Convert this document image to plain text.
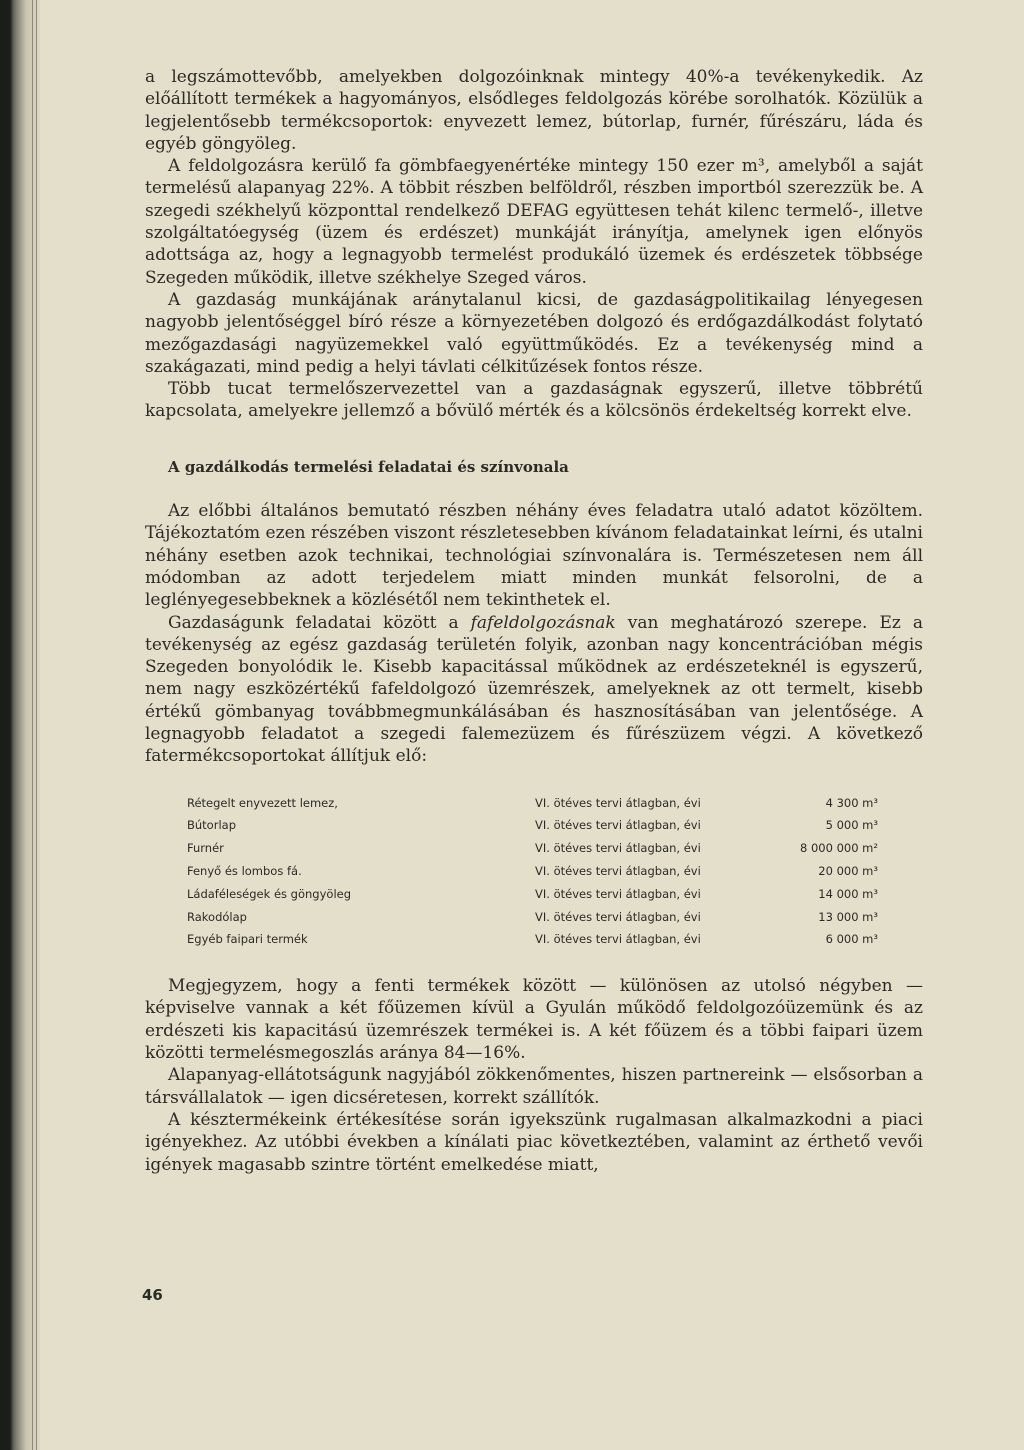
a legszámottevőbb, amelyekben dolgozóinknak mintegy 40%-a tevékenykedik. Az előállított termékek a hagyományos, elsődleges feldolgozás körébe sorolhatók. Közülük a legjelentősebb termékcsoportok: enyvezett lemez, bútorlap, furnér, fűrészáru, láda és egyéb göngyöleg.

A feldolgozásra kerülő fa gömbfaegyenértéke mintegy 150 ezer m³, amelyből a saját termelésű alapanyag 22%. A többit részben belföldről, részben importból szerezzük be. A szegedi székhelyű központtal rendelkező DEFAG együttesen tehát kilenc termelő-, illetve szolgáltatóegység (üzem és erdészet) munkáját irányítja, amelynek igen előnyös adottsága az, hogy a legnagyobb termelést produkáló üzemek és erdészetek többsége Szegeden működik, illetve székhelye Szeged város.

A gazdaság munkájának aránytalanul kicsi, de gazdaságpolitikailag lényegesen nagyobb jelentőséggel bíró része a környezetében dolgozó és erdőgazdálkodást folytató mezőgazdasági nagyüzemekkel való együttműködés. Ez a tevékenység mind a szakágazati, mind pedig a helyi távlati célkitűzések fontos része.

Több tucat termelőszervezettel van a gazdaságnak egyszerű, illetve többrétű kapcsolata, amelyekre jellemző a bővülő mérték és a kölcsönös érdekeltség korrekt elve.

A gazdálkodás termelési feladatai és színvonala

Az előbbi általános bemutató részben néhány éves feladatra utaló adatot közöltem. Tájékoztatóm ezen részében viszont részletesebben kívánom feladatainkat leírni, és utalni néhány esetben azok technikai, technológiai színvonalára is. Természetesen nem áll módomban az adott terjedelem miatt minden munkát felsorolni, de a leglényegesebbeknek a közlésétől nem tekinthetek el.

Gazdaságunk feladatai között a fafeldolgozásnak van meghatározó szerepe. Ez a tevékenység az egész gazdaság területén folyik, azonban nagy koncentrációban mégis Szegeden bonyolódik le. Kisebb kapacitással működnek az erdészeteknél is egyszerű, nem nagy eszközértékű fafeldolgozó üzemrészek, amelyeknek az ott termelt, kisebb értékű gömbanyag továbbmegmunkálásában és hasznosításában van jelentősége. A legnagyobb feladatot a szegedi falemezüzem és fűrészüzem végzi. A következő fatermékcsoportokat állítjuk elő:

Rétegelt enyvezett lemez,	VI. ötéves tervi átlagban, évi	4 300 m³
Bútorlap	VI. ötéves tervi átlagban, évi	5 000 m³
Furnér	VI. ötéves tervi átlagban, évi	8 000 000 m²
Fenyő és lombos fá.	VI. ötéves tervi átlagban, évi	20 000 m³
Ládaféleségek és göngyöleg	VI. ötéves tervi átlagban, évi	14 000 m³
Rakodólap	VI. ötéves tervi átlagban, évi	13 000 m³
Egyéb faipari termék	VI. ötéves tervi átlagban, évi	6 000 m³

Megjegyzem, hogy a fenti termékek között — különösen az utolsó négyben — képviselve vannak a két főüzemen kívül a Gyulán működő feldolgozóüzemünk és az erdészeti kis kapacitású üzemrészek termékei is. A két főüzem és a többi faipari üzem közötti termelésmegoszlás aránya 84—16%.

Alapanyag-ellátotságunk nagyjából zökkenőmentes, hiszen partnereink — elsősorban a társvállalatok — igen dicséretesen, korrekt szállítók.

A késztermékeink értékesítése során igyekszünk rugalmasan alkalmazkodni a piaci igényekhez. Az utóbbi években a kínálati piac következtében, valamint az érthető vevői igények magasabb szintre történt emelkedése miatt,

46
